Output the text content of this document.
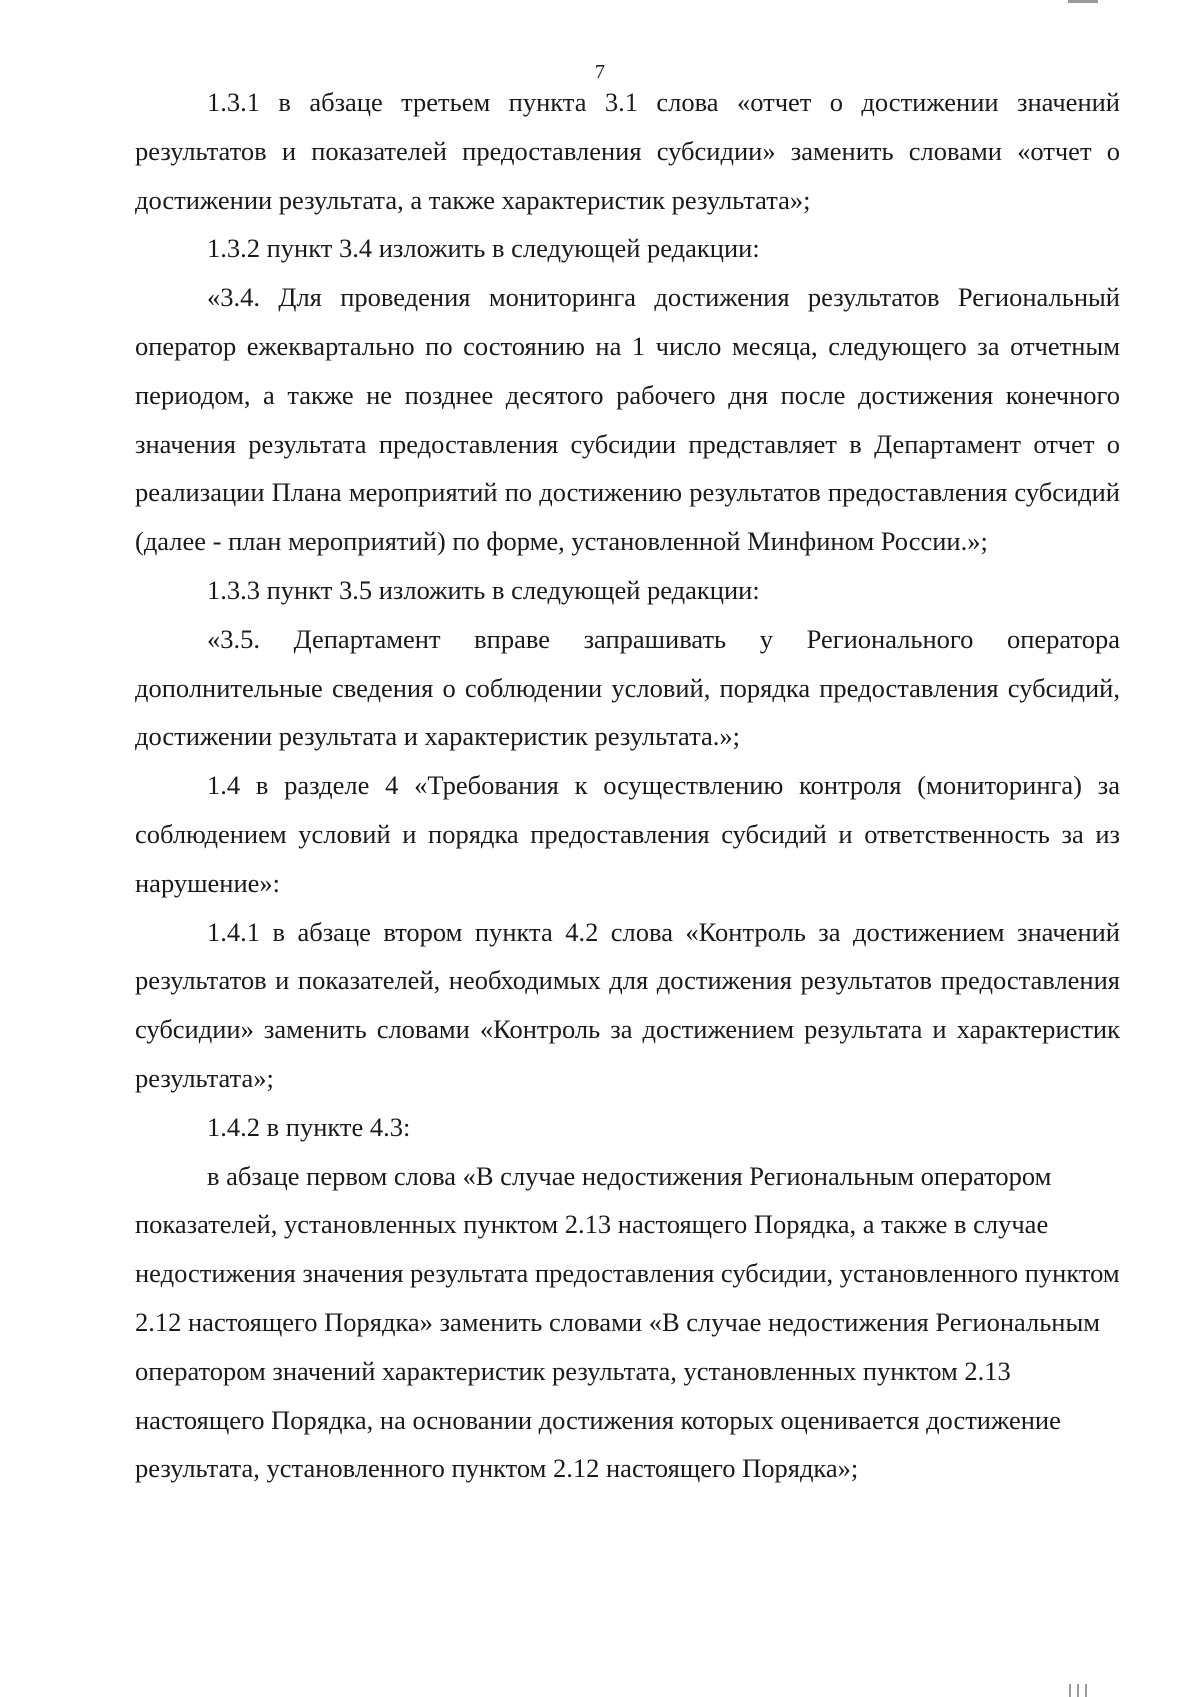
7

1.3.1 в абзаце третьем пункта 3.1 слова «отчет о достижении значений результатов и показателей предоставления субсидии» заменить словами «отчет о достижении результата, а также характеристик результата»;

1.3.2 пункт 3.4 изложить в следующей редакции:

«3.4. Для проведения мониторинга достижения результатов Региональный оператор ежеквартально по состоянию на 1 число месяца, следующего за отчетным периодом, а также не позднее десятого рабочего дня после достижения конечного значения результата предоставления субсидии представляет в Департамент отчет о реализации Плана мероприятий по достижению результатов предоставления субсидий (далее - план мероприятий) по форме, установленной Минфином России.»;

1.3.3 пункт 3.5 изложить в следующей редакции:

«3.5. Департамент вправе запрашивать у Регионального оператора дополнительные сведения о соблюдении условий, порядка предоставления субсидий, достижении результата и характеристик результата.»;

1.4 в разделе 4 «Требования к осуществлению контроля (мониторинга) за соблюдением условий и порядка предоставления субсидий и ответственность за из нарушение»:

1.4.1 в абзаце втором пункта 4.2 слова «Контроль за достижением значений результатов и показателей, необходимых для достижения результатов предоставления субсидии» заменить словами «Контроль за достижением результата и характеристик результата»;

1.4.2 в пункте 4.3:

в абзаце первом слова «В случае недостижения Региональным оператором показателей, установленных пунктом 2.13 настоящего Порядка, а также в случае недостижения значения результата предоставления субсидии, установленного пунктом 2.12 настоящего Порядка» заменить словами «В случае недостижения Региональным оператором значений характеристик результата, установленных пунктом 2.13 настоящего Порядка, на основании достижения которых оценивается достижение результата, установленного пунктом 2.12 настоящего Порядка»;
